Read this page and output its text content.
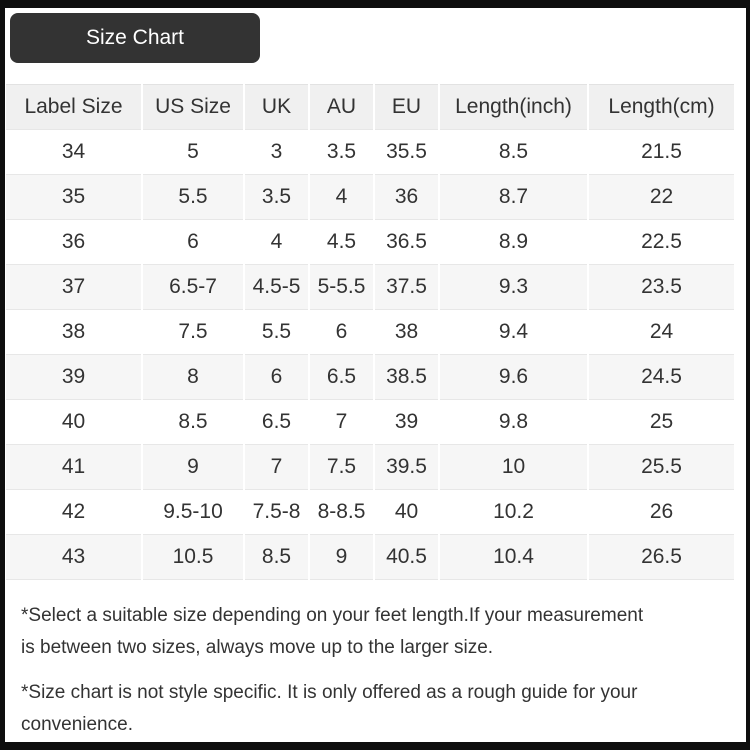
Size Chart
Label Size	US Size	UK	AU	EU	Length(inch)	Length(cm)
34	5	3	3.5	35.5	8.5	21.5
35	5.5	3.5	4	36	8.7	22
36	6	4	4.5	36.5	8.9	22.5
37	6.5-7	4.5-5	5-5.5	37.5	9.3	23.5
38	7.5	5.5	6	38	9.4	24
39	8	6	6.5	38.5	9.6	24.5
40	8.5	6.5	7	39	9.8	25
41	9	7	7.5	39.5	10	25.5
42	9.5-10	7.5-8	8-8.5	40	10.2	26
43	10.5	8.5	9	40.5	10.4	26.5
*Select a suitable size depending on your feet length.If your measurement
is between two sizes, always move up to the larger size.
*Size chart is not style specific. It is only offered as a rough guide for your
convenience.
